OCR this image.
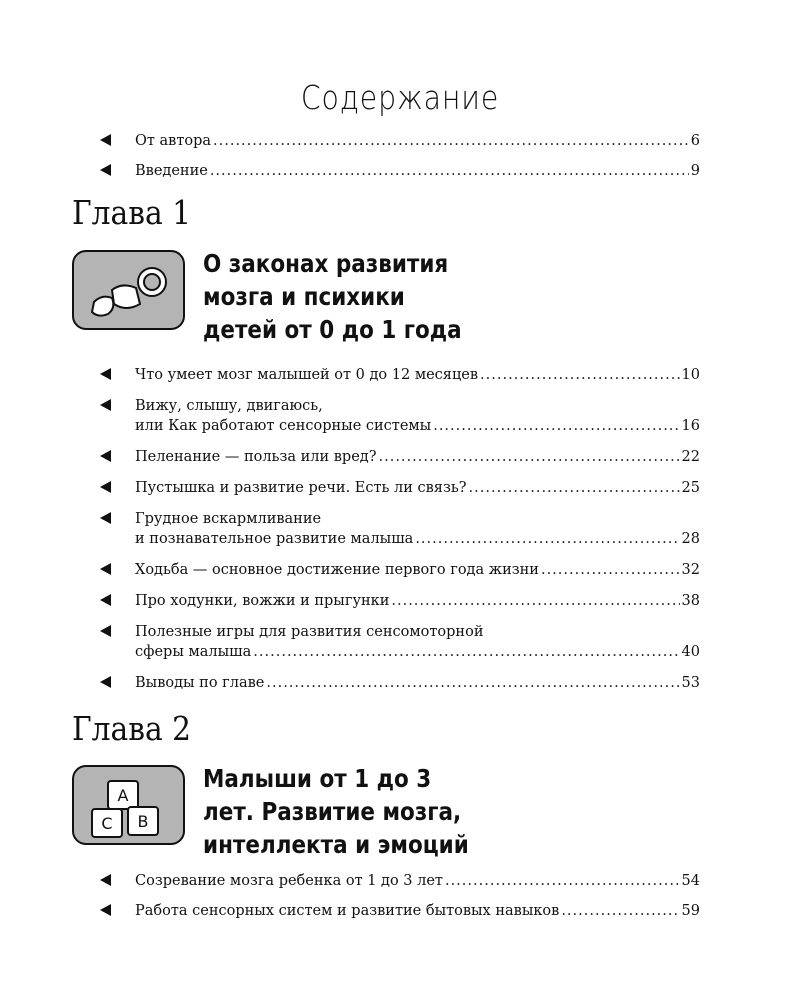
Содержание
От автора .....	6
Введение .....	9
Глава 1
О законах развития
мозга и психики
детей от 0 до 1 года
Что умеет мозг малышей от 0 до 12 месяцев .....	10
Вижу, слышу, двигаюсь,
или Как работают сенсорные системы .....	16
Пеленание — польза или вред? .....	22
Пустышка и развитие речи. Есть ли связь? .....	25
Грудное вскармливание
и познавательное развитие малыша .....	28
Ходьба — основное достижение первого года жизни .....	32
Про ходунки, вожжи и прыгунки .....	38
Полезные игры для развития сенсомоторной
сферы малыша .....	40
Выводы по главе .....	53
Глава 2
A
C B
Малыши от 1 до 3
лет. Развитие мозга,
интеллекта и эмоций
Созревание мозга ребенка от 1 до 3 лет .....	54
Работа сенсорных систем и развитие бытовых навыков .....	59
